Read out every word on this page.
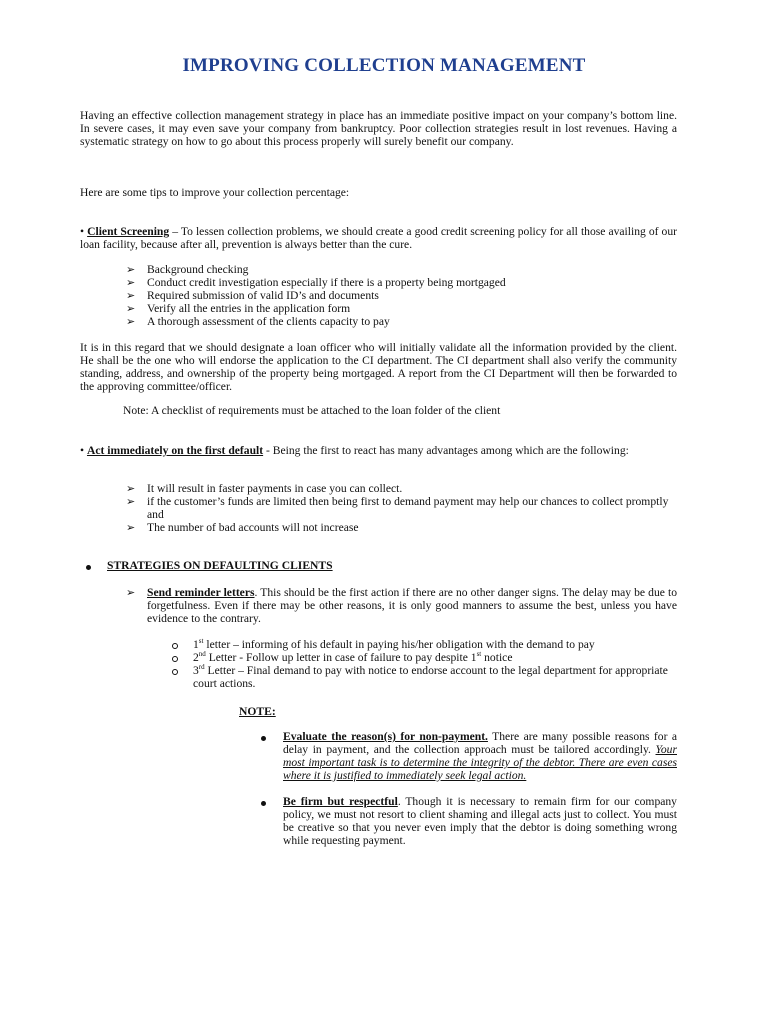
IMPROVING COLLECTION MANAGEMENT
Having an effective collection management strategy in place has an immediate positive impact on your company’s bottom line. In severe cases, it may even save your company from bankruptcy. Poor collection strategies result in lost revenues. Having a systematic strategy on how to go about this process properly will surely benefit our company.
Here are some tips to improve your collection percentage:
• Client Screening – To lessen collection problems, we should create a good credit screening policy for all those availing of our loan facility, because after all, prevention is always better than the cure.
➢ Background checking
➢ Conduct credit investigation especially if there is a property being mortgaged
➢ Required submission of valid ID’s and documents
➢ Verify all the entries in the application form
➢ A thorough assessment of the clients capacity to pay
It is in this regard that we should designate a loan officer who will initially validate all the information provided by the client. He shall be the one who will endorse the application to the CI department. The CI department shall also verify the community standing, address, and ownership of the property being mortgaged. A report from the CI Department will then be forwarded to the approving committee/officer.
Note: A checklist of requirements must be attached to the loan folder of the client
• Act immediately on the first default - Being the first to react has many advantages among which are the following:
➢ It will result in faster payments in case you can collect.
➢ if the customer’s funds are limited then being first to demand payment may help our chances to collect promptly and
➢ The number of bad accounts will not increase
STRATEGIES ON DEFAULTING CLIENTS
➢ Send reminder letters. This should be the first action if there are no other danger signs. The delay may be due to forgetfulness. Even if there may be other reasons, it is only good manners to assume the best, unless you have evidence to the contrary.
1st letter – informing of his default in paying his/her obligation with the demand to pay
2nd Letter - Follow up letter in case of failure to pay despite 1st notice
3rd Letter – Final demand to pay with notice to endorse account to the legal department for appropriate court actions.
NOTE:
Evaluate the reason(s) for non-payment. There are many possible reasons for a delay in payment, and the collection approach must be tailored accordingly. Your most important task is to determine the integrity of the debtor. There are even cases where it is justified to immediately seek legal action.
Be firm but respectful. Though it is necessary to remain firm for our company policy, we must not resort to client shaming and illegal acts just to collect. You must be creative so that you never even imply that the debtor is doing something wrong while requesting payment.
